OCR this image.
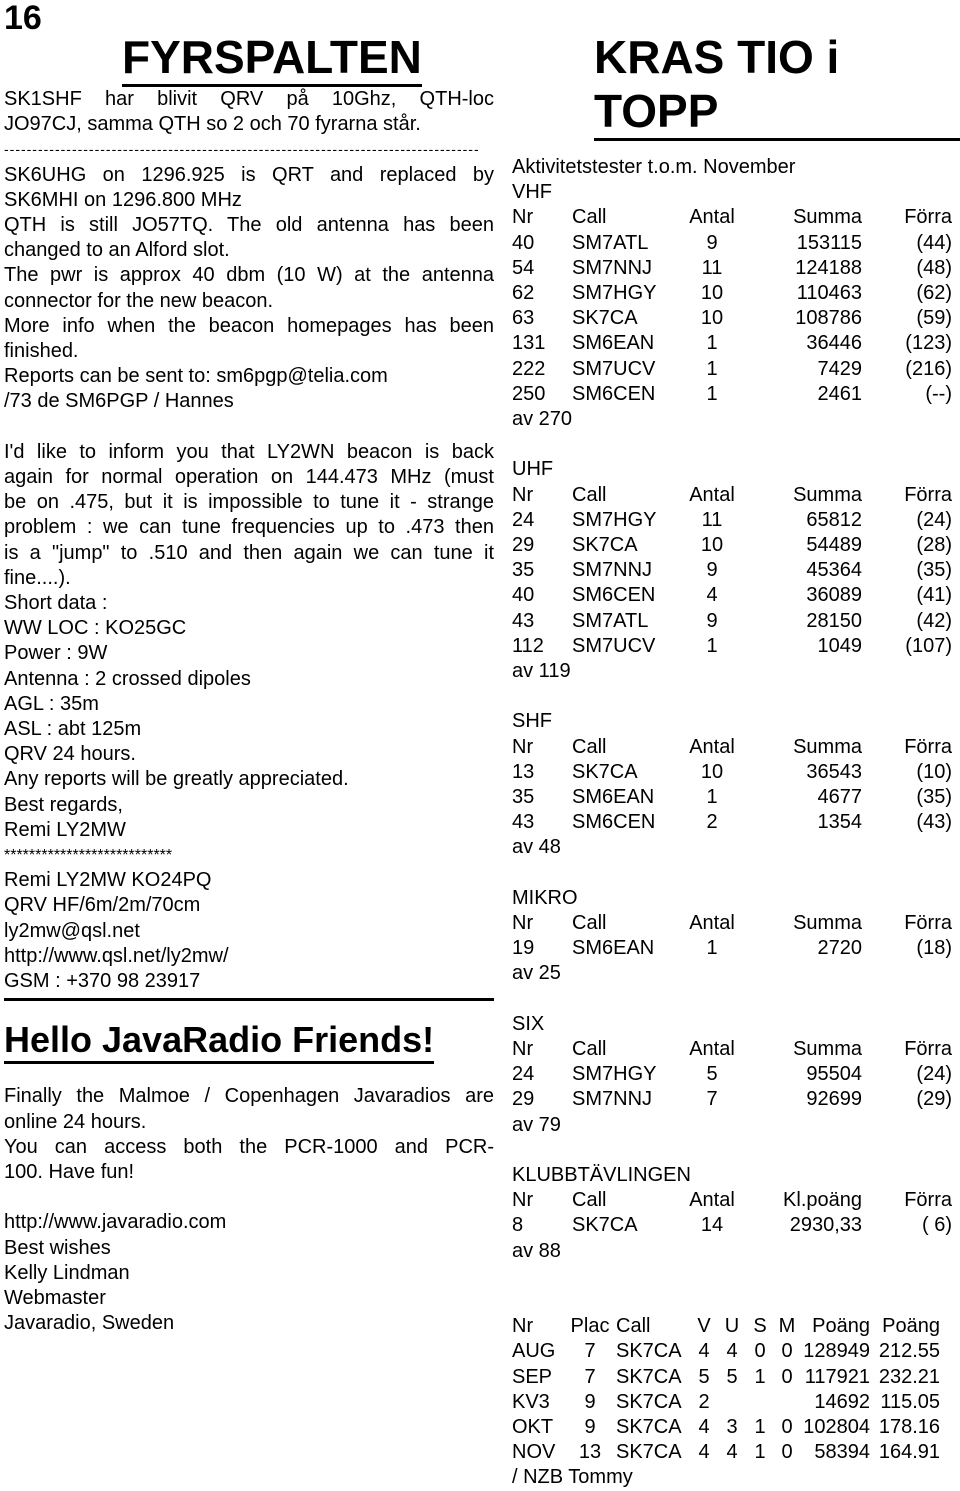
16
FYRSPALTEN
SK1SHF har blivit QRV på 10Ghz, QTH-loc
JO97CJ, samma QTH so 2 och 70 fyrarna står.
------------------------------------------------------------------------------------
SK6UHG on 1296.925 is QRT and replaced by
SK6MHI on 1296.800 MHz
QTH is still JO57TQ. The old antenna has been
changed to an Alford slot.
The pwr is approx 40 dbm (10 W) at the antenna
connector for the new beacon.
More info when the beacon homepages has been
finished.
Reports can be sent to: sm6pgp@telia.com
/73 de SM6PGP / Hannes
I'd like to inform you that LY2WN beacon is back
again for normal operation on 144.473 MHz (must
be on .475, but it is impossible to tune it - strange
problem : we can tune frequencies up to .473 then
is a "jump" to .510 and then again we can tune it
fine....).
Short data :
WW LOC : KO25GC
Power : 9W
Antenna : 2 crossed dipoles
AGL : 35m
ASL : abt 125m
QRV 24 hours.
Any reports will be greatly appreciated.
Best regards,
Remi LY2MW
***************************
Remi LY2MW KO24PQ
QRV HF/6m/2m/70cm
ly2mw@qsl.net
http://www.qsl.net/ly2mw/
GSM : +370 98 23917
Hello JavaRadio Friends!
Finally the Malmoe / Copenhagen Javaradios are
online 24 hours.
You can access both the PCR-1000 and PCR-
100. Have fun!
http://www.javaradio.com
Best wishes
Kelly Lindman
Webmaster
Javaradio, Sweden
KRAS TIO i TOPP
Aktivitetstester t.o.m. November
VHF
Nr	Call	Antal	Summa	Förra
40	SM7ATL	9	153115	(44)
54	SM7NNJ	11	124188	(48)
62	SM7HGY	10	110463	(62)
63	SK7CA	10	108786	(59)
131	SM6EAN	1	36446	(123)
222	SM7UCV	1	7429	(216)
250	SM6CEN	1	2461	(--)
av 270
UHF
Nr	Call	Antal	Summa	Förra
24	SM7HGY	11	65812	(24)
29	SK7CA	10	54489	(28)
35	SM7NNJ	9	45364	(35)
40	SM6CEN	4	36089	(41)
43	SM7ATL	9	28150	(42)
112	SM7UCV	1	1049	(107)
av 119
SHF
Nr	Call	Antal	Summa	Förra
13	SK7CA	10	36543	(10)
35	SM6EAN	1	4677	(35)
43	SM6CEN	2	1354	(43)
av 48
MIKRO
Nr	Call	Antal	Summa	Förra
19	SM6EAN	1	2720	(18)
av 25
SIX
Nr	Call	Antal	Summa	Förra
24	SM7HGY	5	95504	(24)
29	SM7NNJ	7	92699	(29)
av 79
KLUBBTÄVLINGEN
Nr	Call	Antal	Kl.poäng	Förra
8	SK7CA	14	2930,33	( 6)
av 88
Nr	Plac	Call	V	U	S	M	Poäng	Poäng
AUG	7	SK7CA	4	4	0	0	128949	212.55
SEP	7	SK7CA	5	5	1	0	117921	232.21
KV3	9	SK7CA	2				14692	115.05
OKT	9	SK7CA	4	3	1	0	102804	178.16
NOV	13	SK7CA	4	4	1	0	58394	164.91
/ NZB Tommy
